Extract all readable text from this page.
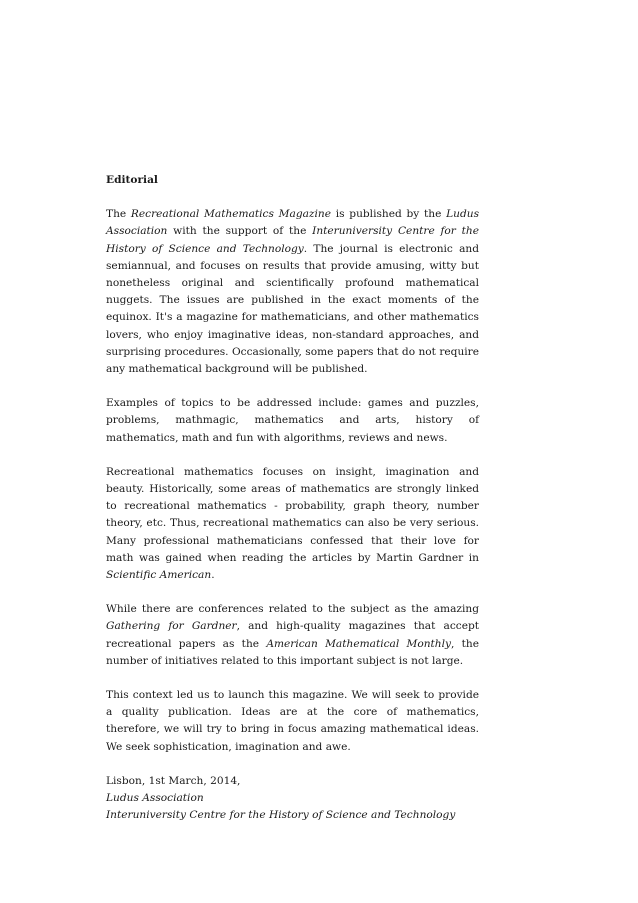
Editorial

The Recreational Mathematics Magazine is published by the Ludus Association with the support of the Interuniversity Centre for the History of Science and Technology. The journal is electronic and semiannual, and focuses on results that provide amusing, witty but nonetheless original and scientifically profound mathematical nuggets. The issues are published in the exact moments of the equinox. It's a magazine for mathematicians, and other mathematics lovers, who enjoy imaginative ideas, non-standard approaches, and surprising procedures. Occasionally, some papers that do not require any mathematical background will be published.

Examples of topics to be addressed include: games and puzzles, problems, mathmagic, mathematics and arts, history of mathematics, math and fun with algorithms, reviews and news.

Recreational mathematics focuses on insight, imagination and beauty. Historically, some areas of mathematics are strongly linked to recreational mathematics - probability, graph theory, number theory, etc. Thus, recreational mathematics can also be very serious. Many professional mathematicians confessed that their love for math was gained when reading the articles by Martin Gardner in Scientific American.

While there are conferences related to the subject as the amazing Gathering for Gardner, and high-quality magazines that accept recreational papers as the American Mathematical Monthly, the number of initiatives related to this important subject is not large.

This context led us to launch this magazine. We will seek to provide a quality publication. Ideas are at the core of mathematics, therefore, we will try to bring in focus amazing mathematical ideas. We seek sophistication, imagination and awe.

Lisbon, 1st March, 2014,
Ludus Association
Interuniversity Centre for the History of Science and Technology
